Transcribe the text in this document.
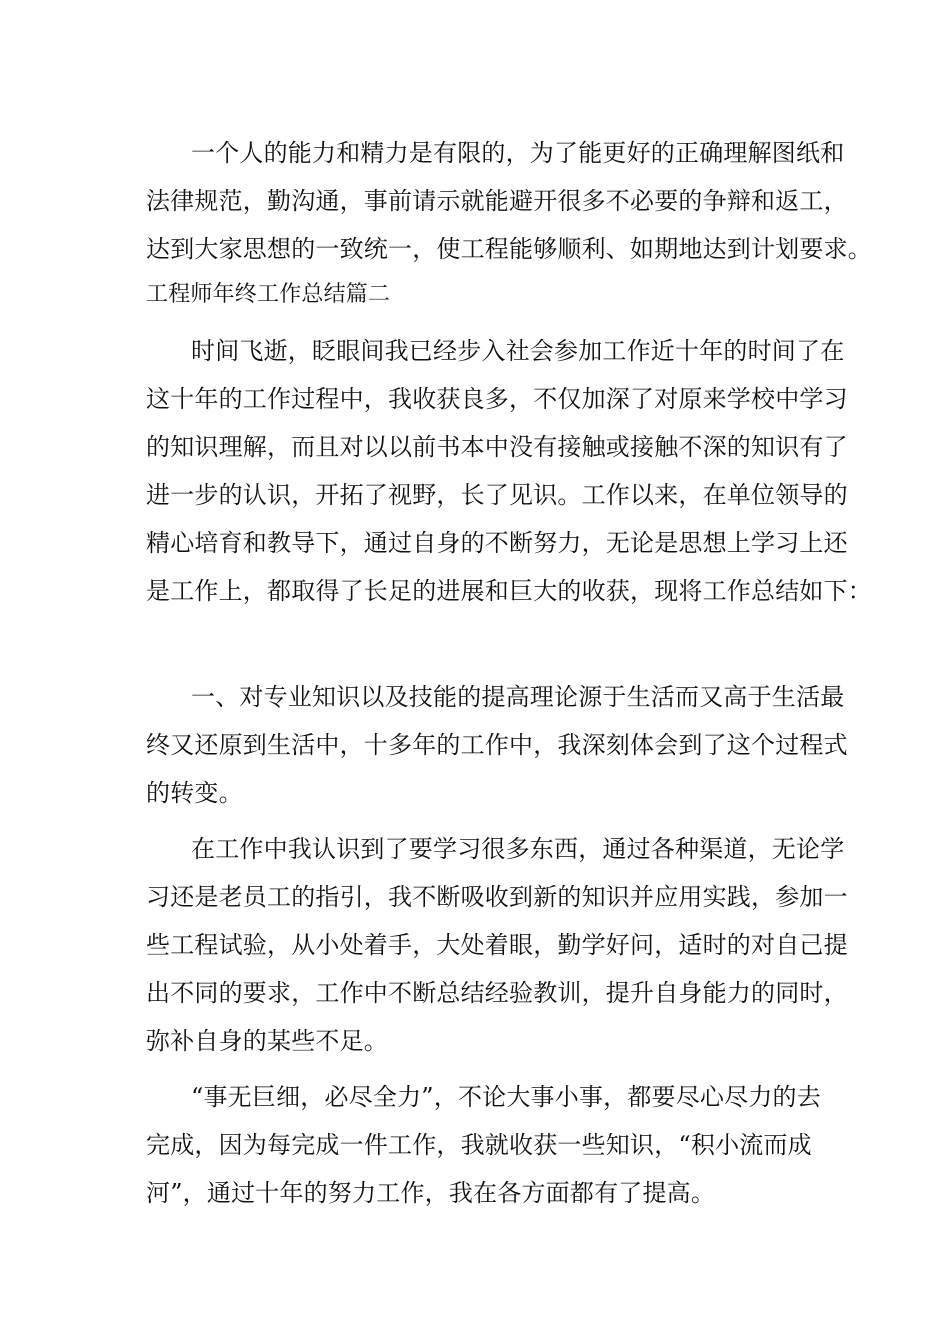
一个人的能力和精力是有限的，为了能更好的正确理解图纸和
法律规范，勤沟通，事前请示就能避开很多不必要的争辩和返工，
达到大家思想的一致统一，使工程能够顺利、如期地达到计划要求。
工程师年终工作总结篇二
时间飞逝，眨眼间我已经步入社会参加工作近十年的时间了在
这十年的工作过程中，我收获良多，不仅加深了对原来学校中学习
的知识理解，而且对以以前书本中没有接触或接触不深的知识有了
进一步的认识，开拓了视野，长了见识。工作以来，在单位领导的
精心培育和教导下，通过自身的不断努力，无论是思想上学习上还
是工作上，都取得了长足的进展和巨大的收获，现将工作总结如下：
一、对专业知识以及技能的提高理论源于生活而又高于生活最
终又还原到生活中，十多年的工作中，我深刻体会到了这个过程式
的转变。
在工作中我认识到了要学习很多东西，通过各种渠道，无论学
习还是老员工的指引，我不断吸收到新的知识并应用实践，参加一
些工程试验，从小处着手，大处着眼，勤学好问，适时的对自己提
出不同的要求，工作中不断总结经验教训，提升自身能力的同时，
弥补自身的某些不足。
“事无巨细，必尽全力”，不论大事小事，都要尽心尽力的去
完成，因为每完成一件工作，我就收获一些知识，“积小流而成
河”，通过十年的努力工作，我在各方面都有了提高。
